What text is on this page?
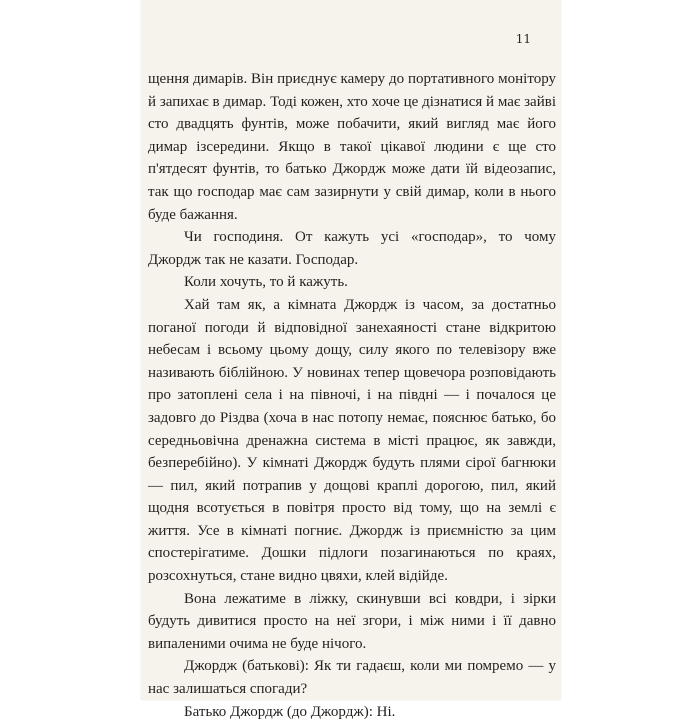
11

щення димарів. Він приєднує камеру до портативного монітору й запихає в димар. Тоді кожен, хто хоче це дізнатися й має зайві сто двадцять фунтів, може побачити, який вигляд має його димар ізсередини. Якщо в такої цікавої людини є ще сто п'ятдесят фунтів, то батько Джордж може дати їй відеозапис, так що господар має сам зазирнути у свій димар, коли в нього буде бажання.

Чи господиня. От кажуть усі «господар», то чому Джордж так не казати. Господар.

Коли хочуть, то й кажуть.

Хай там як, а кімната Джордж із часом, за достатньо поганої погоди й відповідної занехаяності стане відкритою небесам і всьому цьому дощу, силу якого по телевізору вже називають біблійною. У новинах тепер щовечора розповідають про затоплені села і на півночі, і на півдні — і почалося це задовго до Різдва (хоча в нас потопу немає, пояснює батько, бо середньовічна дренажна система в місті працює, як завжди, безперебійно). У кімнаті Джордж будуть плями сірої багнюки — пил, який потрапив у дощові краплі дорогою, пил, який щодня всотується в повітря просто від тому, що на землі є життя. Усе в кімнаті погниє. Джордж із приємністю за цим спостерігатиме. Дошки підлоги позагинаються по краях, розсохнуться, стане видно цвяхи, клей відійде.

Вона лежатиме в ліжку, скинувши всі ковдри, і зірки будуть дивитися просто на неї згори, і між ними і її давно випаленими очима не буде нічого.

Джордж (батькові): Як ти гадаєш, коли ми помремо — у нас залишаться спогади?

Батько Джордж (до Джордж): Ні.
